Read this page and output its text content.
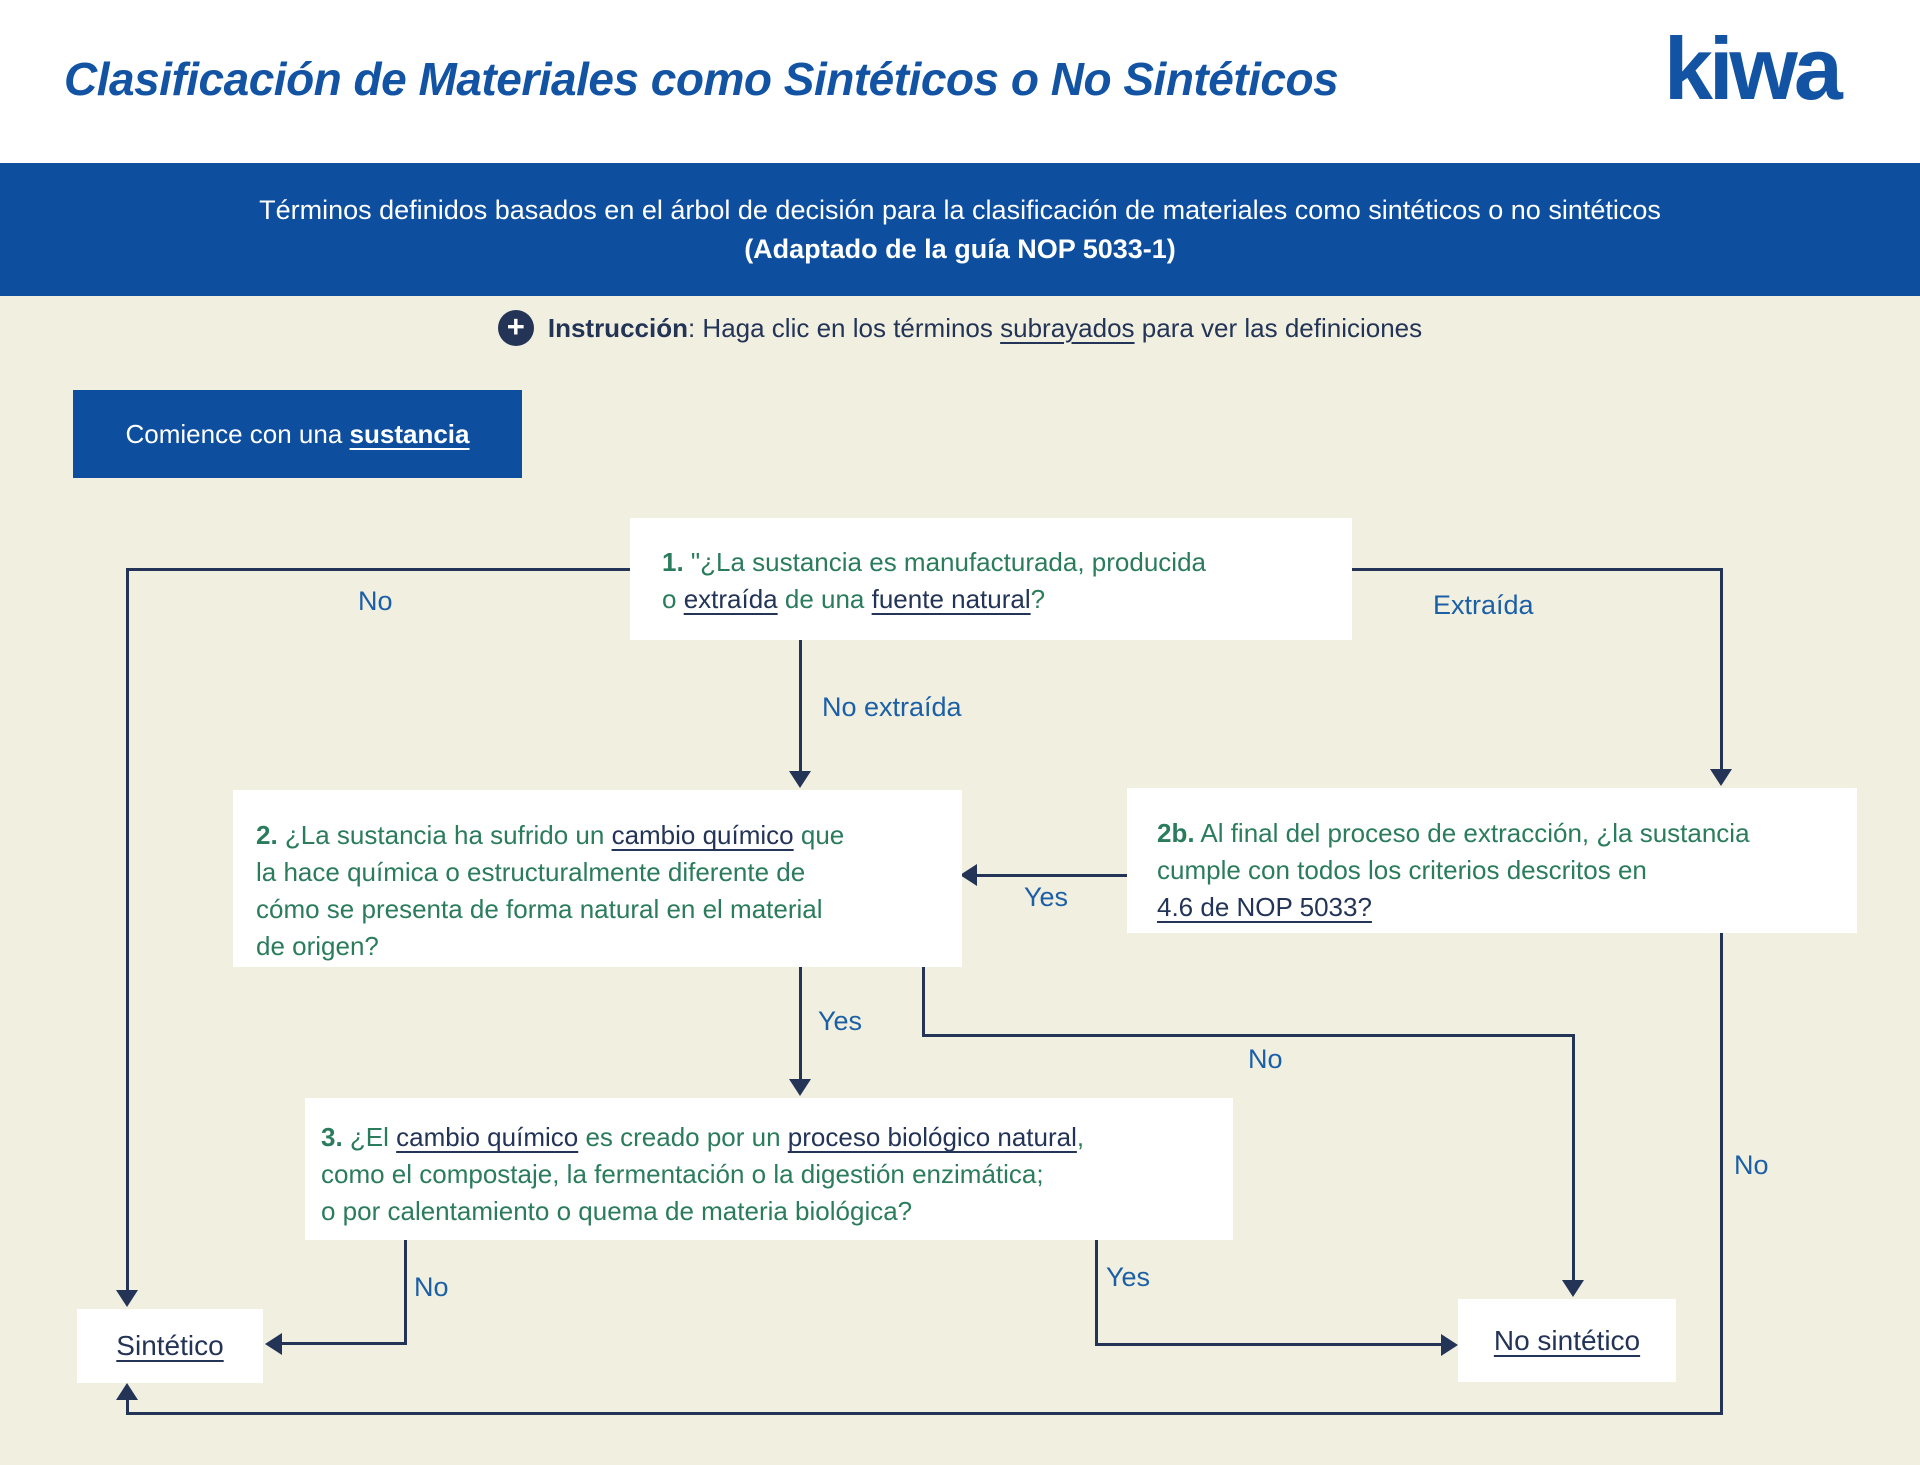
Clasificación de Materiales como Sintéticos o No Sintéticos	kiwa
Términos definidos basados en el árbol de decisión para la clasificación de materiales como sintéticos o no sintéticos
(Adaptado de la guía NOP 5033-1)
+ Instrucción: Haga clic en los términos subrayados para ver las definiciones
No	Extraída
No extraída
Yes
Yes
No
No
No	Yes
Comience con una sustancia
1. "¿La sustancia es manufacturada, producida
o extraída de una fuente natural?
2. ¿La sustancia ha sufrido un cambio químico que
la hace química o estructuralmente diferente de
cómo se presenta de forma natural en el material
de origen?
2b. Al final del proceso de extracción, ¿la sustancia
cumple con todos los criterios descritos en
4.6 de NOP 5033?
3. ¿El cambio químico es creado por un proceso biológico natural,
como el compostaje, la fermentación o la digestión enzimática;
o por calentamiento o quema de materia biológica?
Sintético	No sintético
